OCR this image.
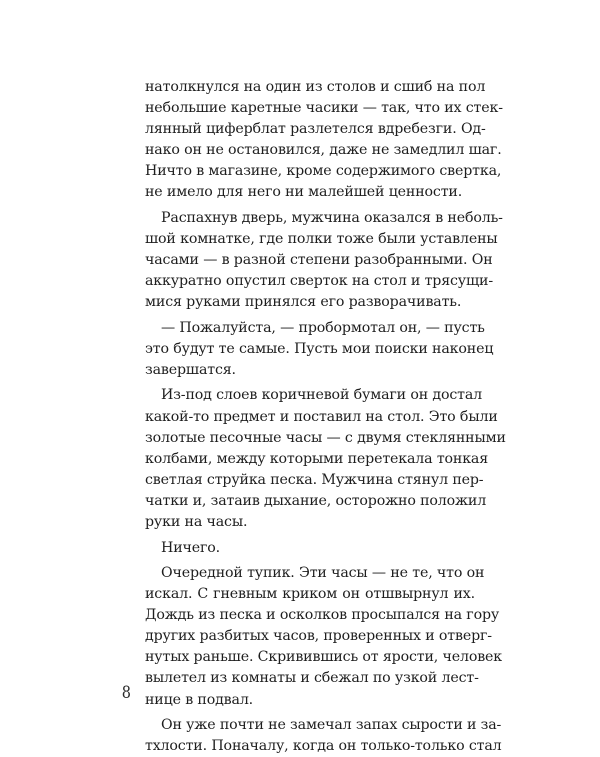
натолкнулся на один из столов и сшиб на пол
небольшие каретные часики — так, что их стек-
лянный циферблат разлетелся вдребезги. Од-
нако он не остановился, даже не замедлил шаг.
Ничто в магазине, кроме содержимого свертка,
не имело для него ни малейшей ценности.
Распахнув дверь, мужчина оказался в неболь-
шой комнатке, где полки тоже были уставлены
часами — в разной степени разобранными. Он
аккуратно опустил сверток на стол и трясущи-
мися руками принялся его разворачивать.
— Пожалуйста, — пробормотал он, — пусть
это будут те самые. Пусть мои поиски наконец
завершатся.
Из-под слоев коричневой бумаги он достал
какой-то предмет и поставил на стол. Это были
золотые песочные часы — с двумя стеклянными
колбами, между которыми перетекала тонкая
светлая струйка песка. Мужчина стянул пер-
чатки и, затаив дыхание, осторожно положил
руки на часы.
Ничего.
Очередной тупик. Эти часы — не те, что он
искал. С гневным криком он отшвырнул их.
Дождь из песка и осколков просыпался на гору
других разбитых часов, проверенных и отверг-
нутых раньше. Скривившись от ярости, человек
вылетел из комнаты и сбежал по узкой лест-
нице в подвал.
Он уже почти не замечал запах сырости и за-
тхлости. Поначалу, когда он только-только стал
8
